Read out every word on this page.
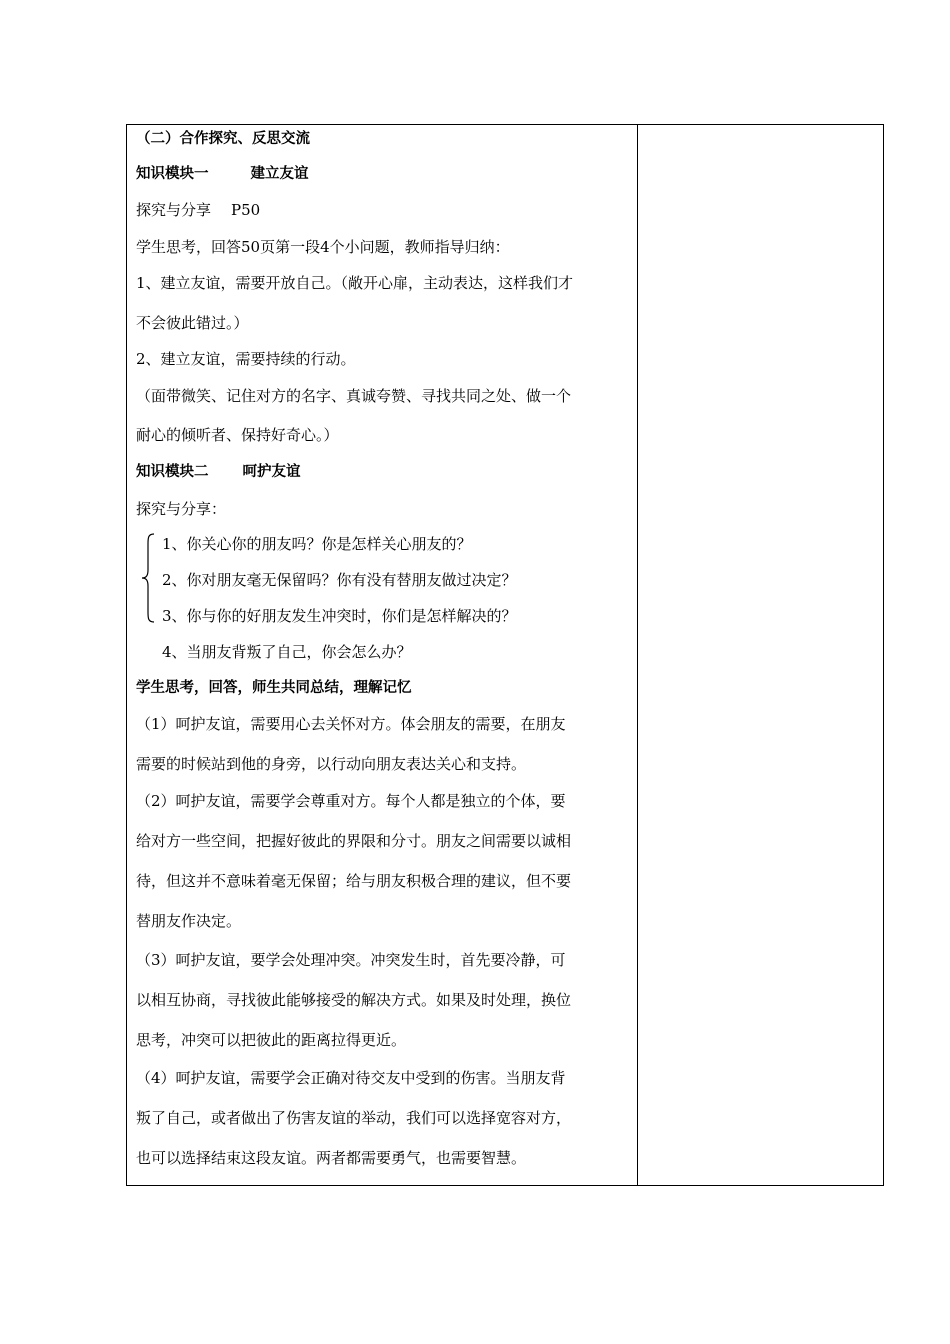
（二）合作探究、反思交流
知识模块一	建立友谊
探究与分享 P50
学生思考，回答50页第一段4个小问题，教师指导归纳：
1、建立友谊，需要开放自己。（敞开心扉，主动表达，这样我们才
不会彼此错过。）
2、建立友谊，需要持续的行动。
（面带微笑、记住对方的名字、真诚夸赞、寻找共同之处、做一个
耐心的倾听者、保持好奇心。）
知识模块二 呵护友谊
探究与分享：
1、你关心你的朋友吗？你是怎样关心朋友的？
2、你对朋友毫无保留吗？你有没有替朋友做过决定？
3、你与你的好朋友发生冲突时，你们是怎样解决的？
4、当朋友背叛了自己，你会怎么办？
学生思考，回答，师生共同总结，理解记忆
（1）呵护友谊，需要用心去关怀对方。体会朋友的需要，在朋友
需要的时候站到他的身旁，以行动向朋友表达关心和支持。
（2）呵护友谊，需要学会尊重对方。每个人都是独立的个体，要
给对方一些空间，把握好彼此的界限和分寸。朋友之间需要以诚相
待，但这并不意味着毫无保留；给与朋友积极合理的建议，但不要
替朋友作决定。
（3）呵护友谊，要学会处理冲突。冲突发生时，首先要冷静，可
以相互协商，寻找彼此能够接受的解决方式。如果及时处理，换位
思考，冲突可以把彼此的距离拉得更近。
（4）呵护友谊，需要学会正确对待交友中受到的伤害。当朋友背
叛了自己，或者做出了伤害友谊的举动，我们可以选择宽容对方，
也可以选择结束这段友谊。两者都需要勇气，也需要智慧。
